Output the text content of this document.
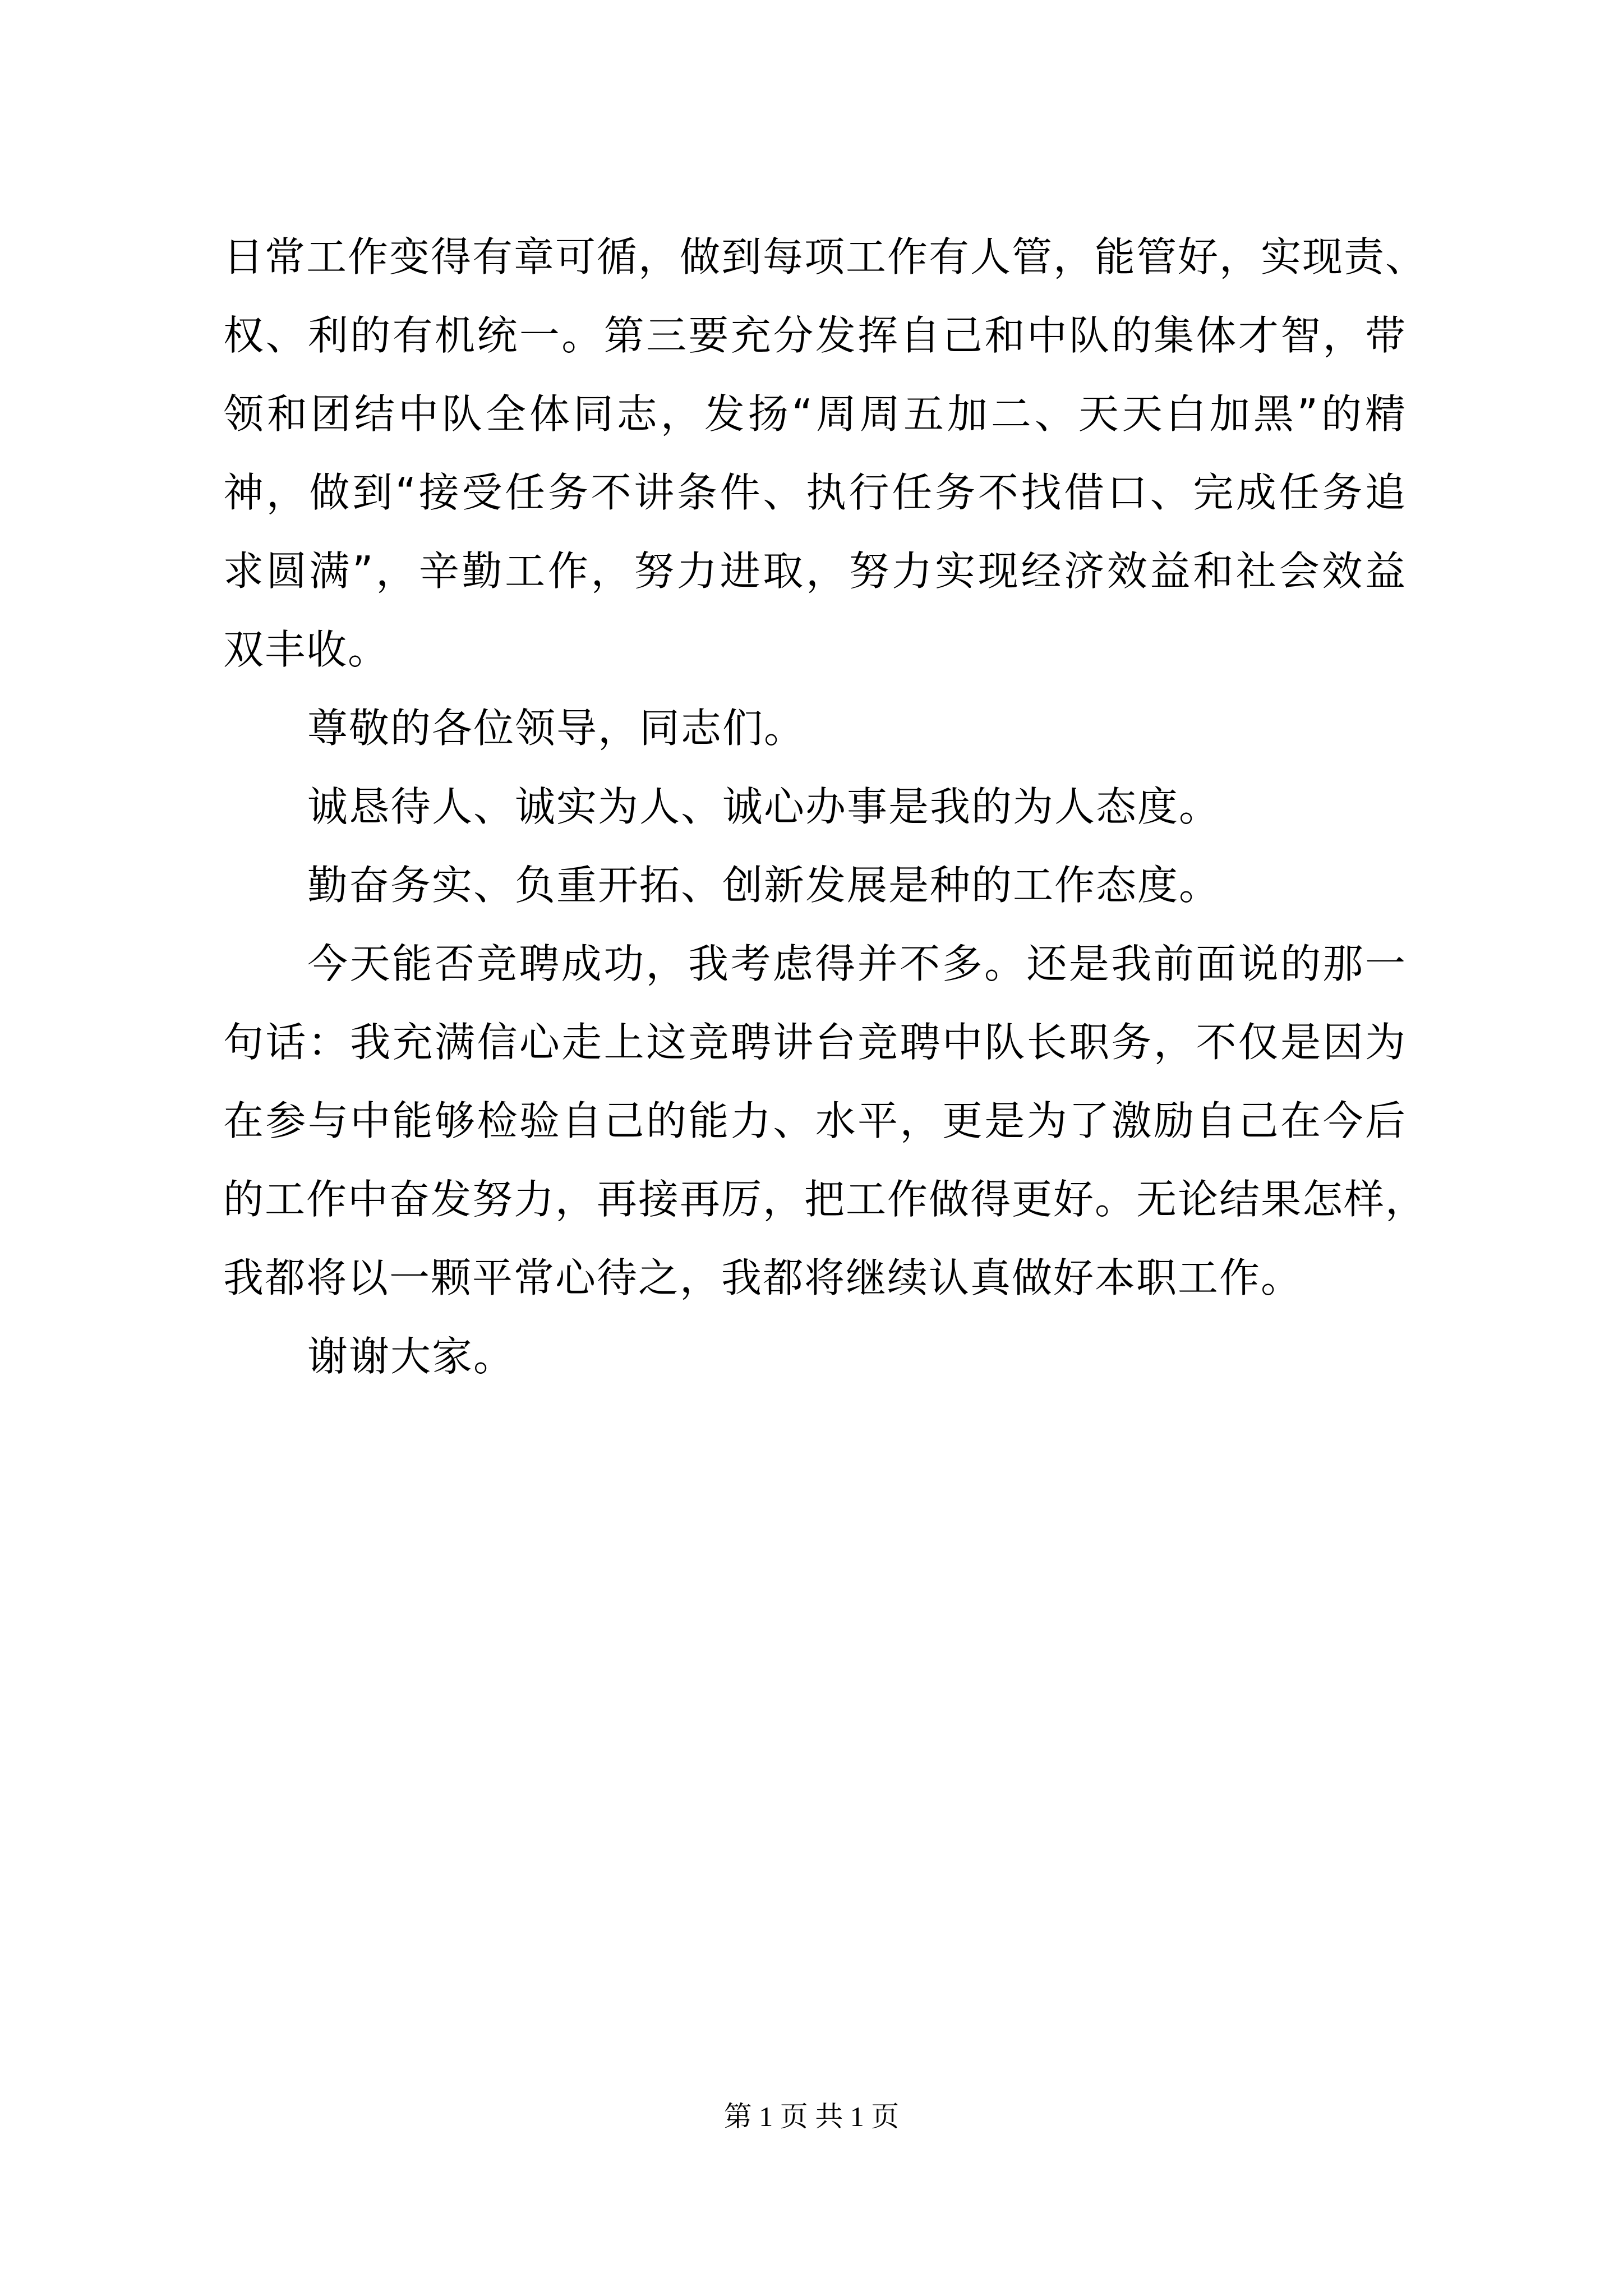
日常工作变得有章可循，做到每项工作有人管，能管好，实现责、
权、利的有机统一。第三要充分发挥自己和中队的集体才智，带
领和团结中队全体同志，发扬“周周五加二、天天白加黑”的精
神，做到“接受任务不讲条件、执行任务不找借口、完成任务追
求圆满”，辛勤工作，努力进取，努力实现经济效益和社会效益
双丰收。
尊敬的各位领导，同志们。
诚恳待人、诚实为人、诚心办事是我的为人态度。
勤奋务实、负重开拓、创新发展是种的工作态度。
今天能否竞聘成功，我考虑得并不多。还是我前面说的那一
句话：我充满信心走上这竞聘讲台竞聘中队长职务，不仅是因为
在参与中能够检验自己的能力、水平，更是为了激励自己在今后
的工作中奋发努力，再接再厉，把工作做得更好。无论结果怎样，
我都将以一颗平常心待之，我都将继续认真做好本职工作。
谢谢大家。
第 1 页 共 1 页
